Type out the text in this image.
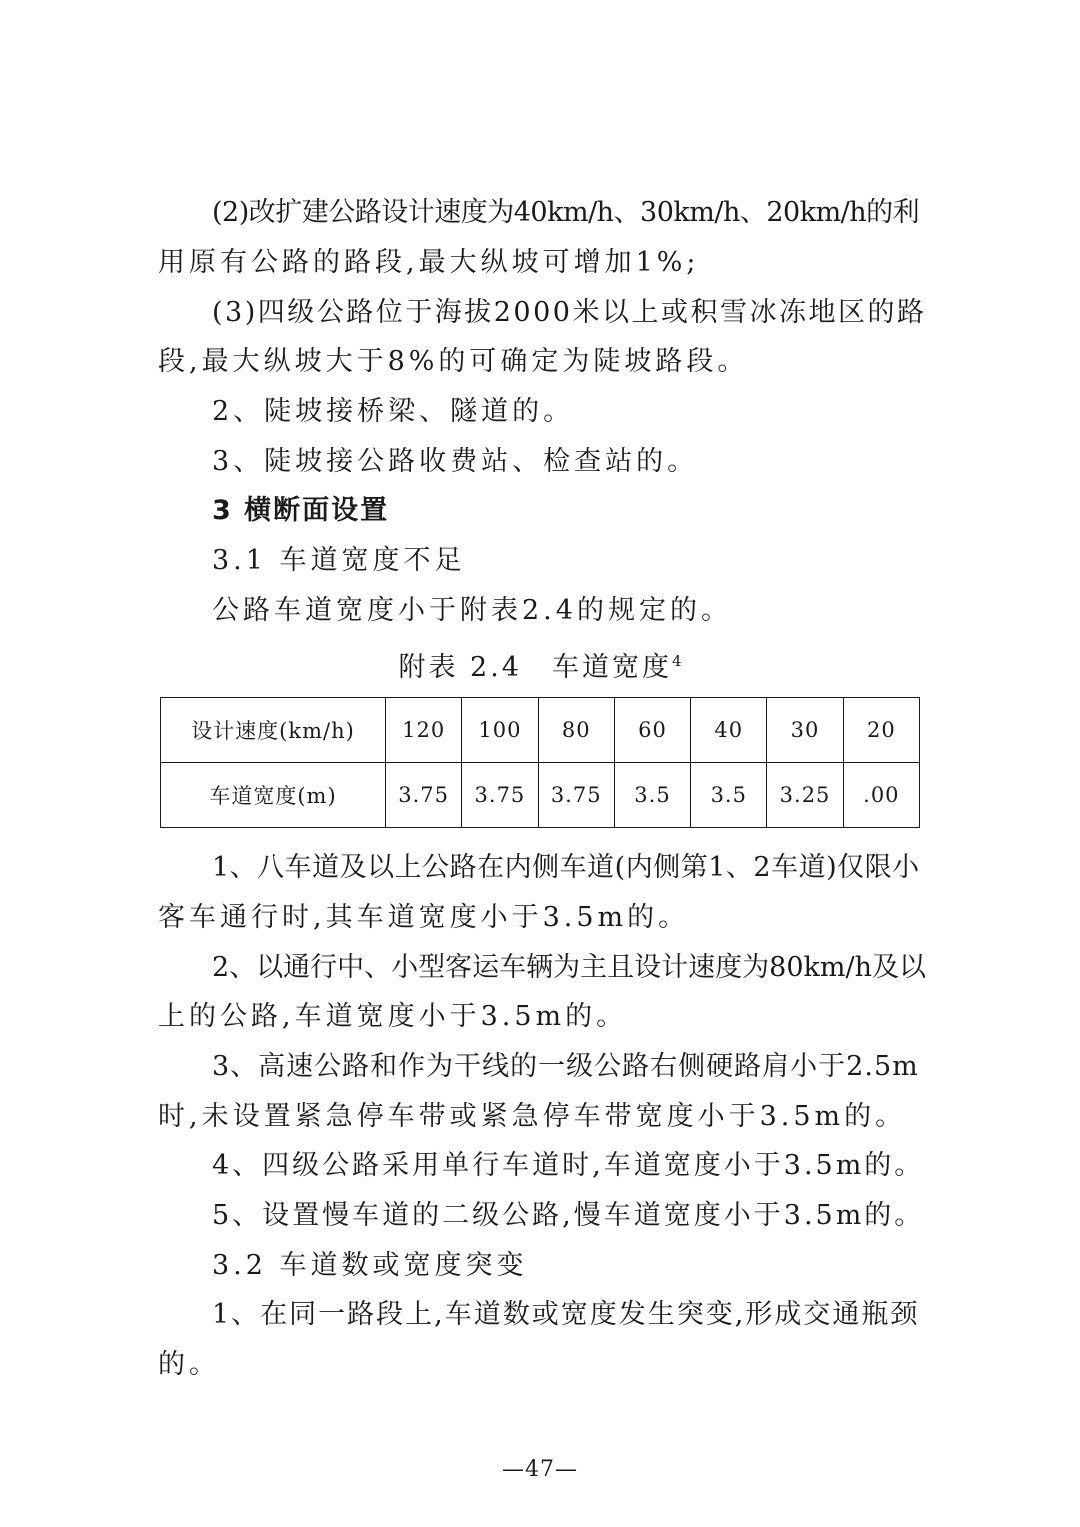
(2)改扩建公路设计速度为40km/h、30km/h、20km/h的利
用原有公路的路段,最大纵坡可增加1%;
(3)四级公路位于海拔2000米以上或积雪冰冻地区的路
段,最大纵坡大于8%的可确定为陡坡路段。
2、陡坡接桥梁、隧道的。
3、陡坡接公路收费站、检查站的。
3 横断面设置
3.1 车道宽度不足
公路车道宽度小于附表2.4的规定的。
附表 2.4　车道宽度$^4$
设计速度(km/h)	120	100	80	60	40	30	20
车道宽度(m)	3.75	3.75	3.75	3.5	3.5	3.25	.00
1、八车道及以上公路在内侧车道(内侧第1、2车道)仅限小
客车通行时,其车道宽度小于3.5m的。
2、以通行中、小型客运车辆为主且设计速度为80km/h及以
上的公路,车道宽度小于3.5m的。
3、高速公路和作为干线的一级公路右侧硬路肩小于2.5m
时,未设置紧急停车带或紧急停车带宽度小于3.5m的。
4、四级公路采用单行车道时,车道宽度小于3.5m的。
5、设置慢车道的二级公路,慢车道宽度小于3.5m的。
3.2 车道数或宽度突变
1、在同一路段上,车道数或宽度发生突变,形成交通瓶颈
的。
—47—
